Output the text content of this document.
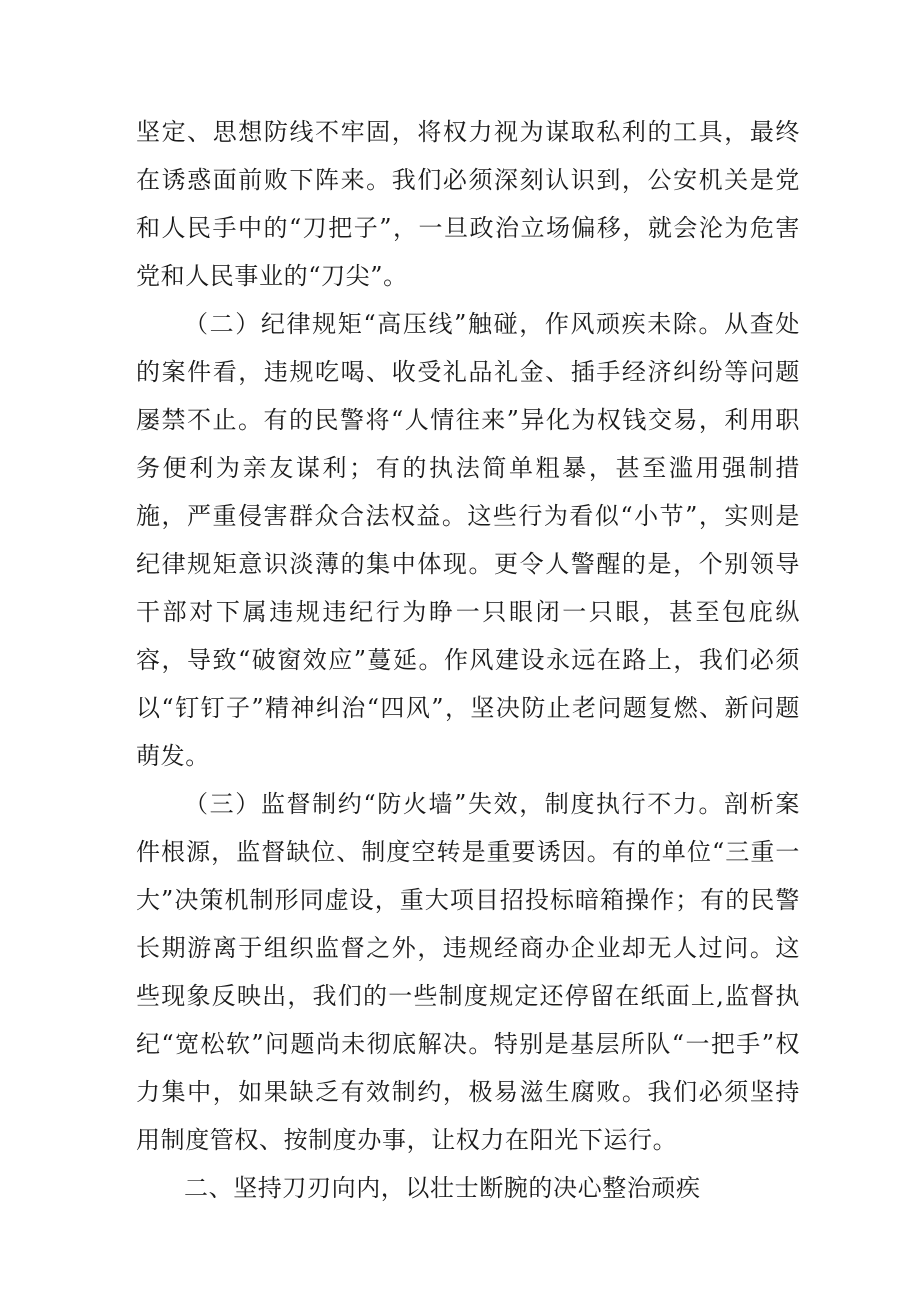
坚定、思想防线不牢固，将权力视为谋取私利的工具，最终在诱惑面前败下阵来。我们必须深刻认识到，公安机关是党和人民手中的“刀把子”，一旦政治立场偏移，就会沦为危害党和人民事业的“刀尖”。

（二）纪律规矩“高压线”触碰，作风顽疾未除。从查处的案件看，违规吃喝、收受礼品礼金、插手经济纠纷等问题屡禁不止。有的民警将“人情往来”异化为权钱交易，利用职务便利为亲友谋利；有的执法简单粗暴，甚至滥用强制措施，严重侵害群众合法权益。这些行为看似“小节”，实则是纪律规矩意识淡薄的集中体现。更令人警醒的是，个别领导干部对下属违规违纪行为睁一只眼闭一只眼，甚至包庇纵容，导致“破窗效应”蔓延。作风建设永远在路上，我们必须以“钉钉子”精神纠治“四风”，坚决防止老问题复燃、新问题萌发。

（三）监督制约“防火墙”失效，制度执行不力。剖析案件根源，监督缺位、制度空转是重要诱因。有的单位“三重一大”决策机制形同虚设，重大项目招投标暗箱操作；有的民警长期游离于组织监督之外，违规经商办企业却无人过问。这些现象反映出，我们的一些制度规定还停留在纸面上,监督执纪“宽松软”问题尚未彻底解决。特别是基层所队“一把手”权力集中，如果缺乏有效制约，极易滋生腐败。我们必须坚持用制度管权、按制度办事，让权力在阳光下运行。

二、坚持刀刃向内，以壮士断腕的决心整治顽疾
